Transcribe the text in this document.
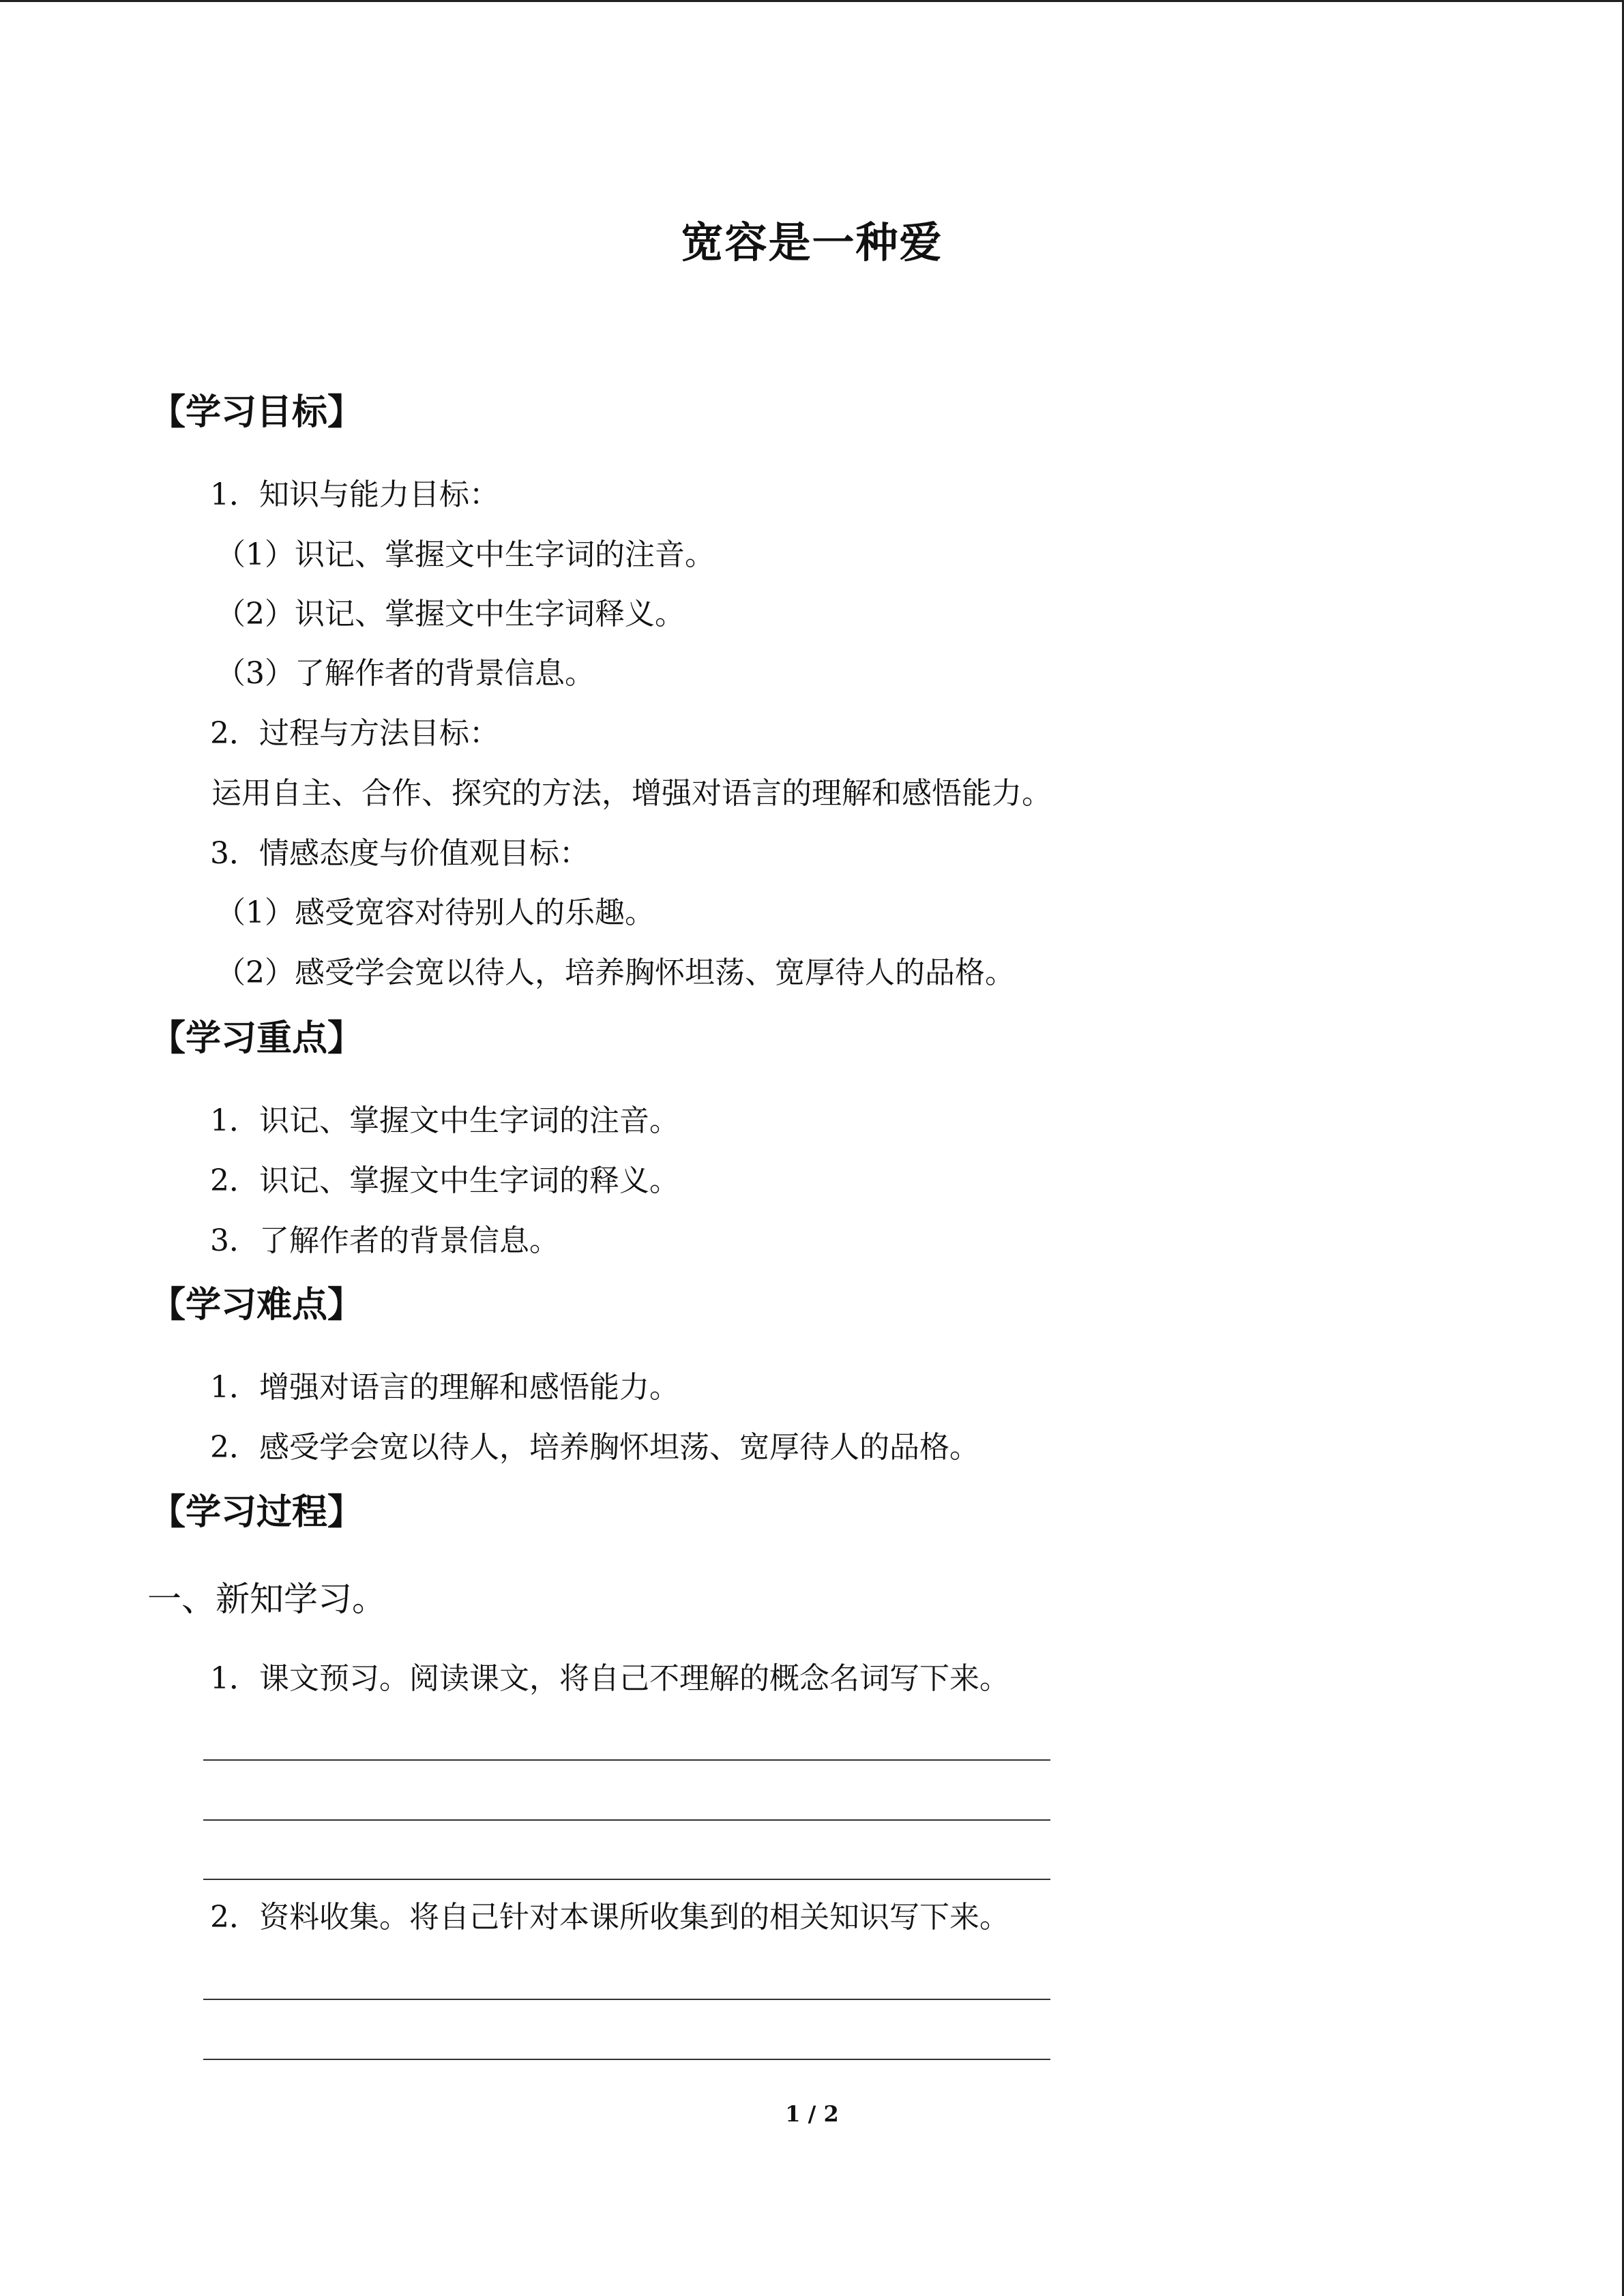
宽容是一种爱
【学习目标】
1．知识与能力目标：
（1）识记、掌握文中生字词的注音。
（2）识记、掌握文中生字词释义。
（3）了解作者的背景信息。
2．过程与方法目标：
运用自主、合作、探究的方法，增强对语言的理解和感悟能力。
3．情感态度与价值观目标：
（1）感受宽容对待别人的乐趣。
（2）感受学会宽以待人，培养胸怀坦荡、宽厚待人的品格。
【学习重点】
1．识记、掌握文中生字词的注音。
2．识记、掌握文中生字词的释义。
3．了解作者的背景信息。
【学习难点】
1．增强对语言的理解和感悟能力。
2．感受学会宽以待人，培养胸怀坦荡、宽厚待人的品格。
【学习过程】
一、新知学习。
1．课文预习。阅读课文，将自己不理解的概念名词写下来。
2．资料收集。将自己针对本课所收集到的相关知识写下来。
1 / 2
